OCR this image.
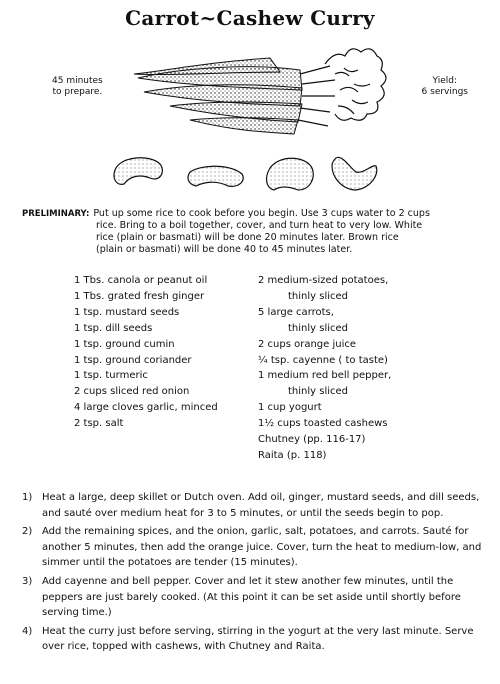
Carrot~Cashew Curry
45 minutes
to prepare.
Yield:
6 servings
PRELIMINARY: Put up some rice to cook before you begin. Use 3 cups water to 2 cups
rice. Bring to a boil together, cover, and turn heat to very low. White
rice (plain or basmati) will be done 20 minutes later. Brown rice
(plain or basmati) will be done 40 to 45 minutes later.
1 Tbs. canola or peanut oil
1 Tbs. grated fresh ginger
1 tsp. mustard seeds
1 tsp. dill seeds
1 tsp. ground cumin
1 tsp. ground coriander
1 tsp. turmeric
2 cups sliced red onion
4 large cloves garlic, minced
2 tsp. salt
2 medium-sized potatoes,
thinly sliced
5 large carrots,
thinly sliced
2 cups orange juice
¼ tsp. cayenne ( to taste)
1 medium red bell pepper,
thinly sliced
1 cup yogurt
1½ cups toasted cashews
Chutney (pp. 116-17)
Raita (p. 118)
1) Heat a large, deep skillet or Dutch oven. Add oil, ginger, mustard seeds, and dill seeds, and sauté over medium heat for 3 to 5 minutes, or until the seeds begin to pop.
2) Add the remaining spices, and the onion, garlic, salt, potatoes, and carrots. Sauté for another 5 minutes, then add the orange juice. Cover, turn the heat to medium-low, and simmer until the potatoes are tender (15 minutes).
3) Add cayenne and bell pepper. Cover and let it stew another few minutes, until the peppers are just barely cooked. (At this point it can be set aside until shortly before serving time.)
4) Heat the curry just before serving, stirring in the yogurt at the very last minute. Serve over rice, topped with cashews, with Chutney and Raita.
